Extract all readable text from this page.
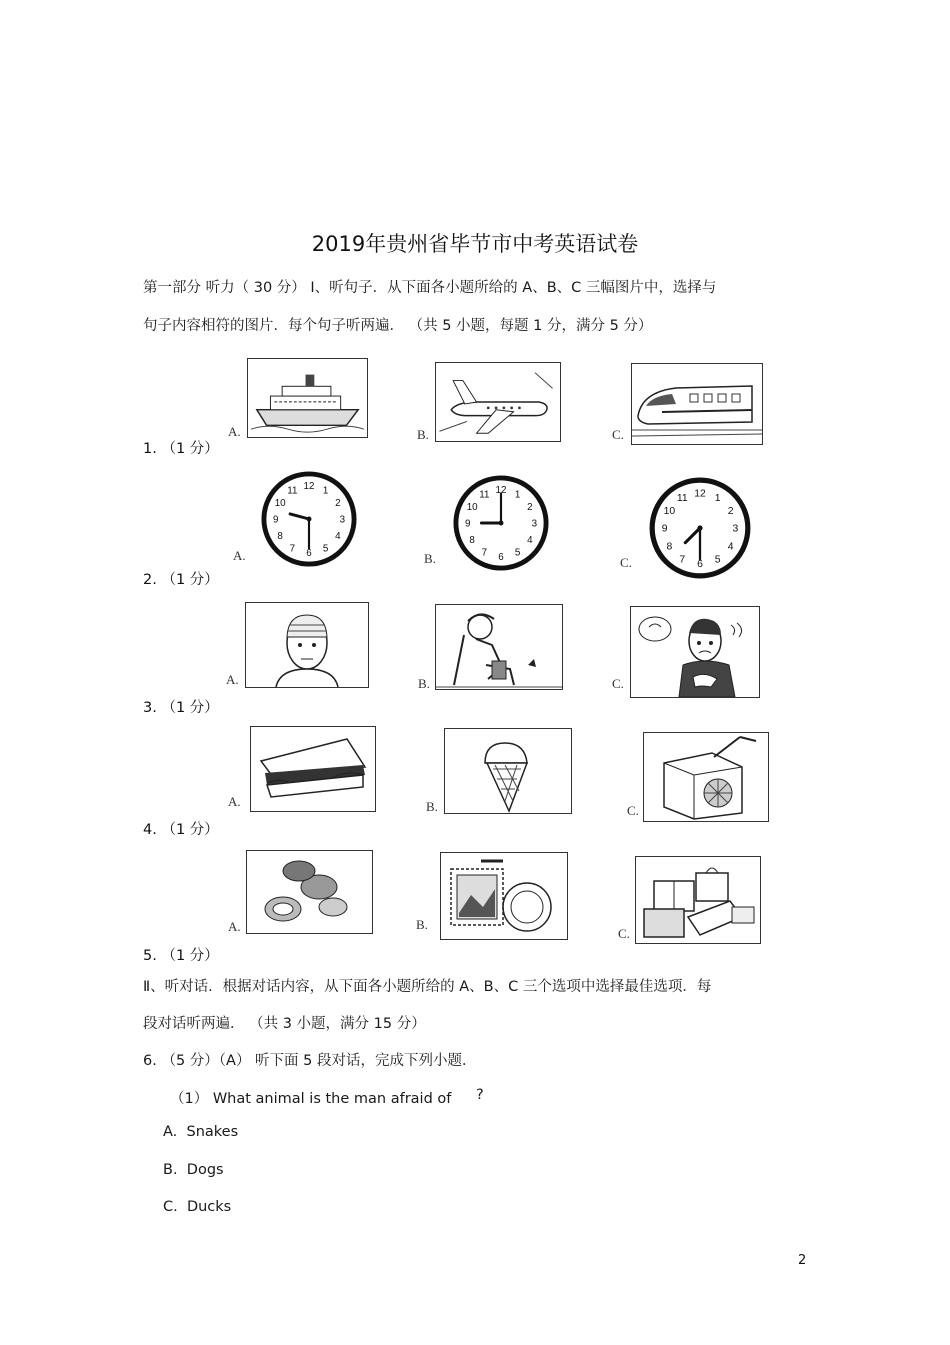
2019年贵州省毕节市中考英语试卷
第一部分 听力（ 30 分） Ⅰ、听句子．从下面各小题所给的 A、B、C 三幅图片中，选择与
句子内容相符的图片．每个句子听两遍． （共 5 小题，每题 1 分，满分 5 分）
1. （1 分）
A.	B.	C.
2. （1 分）
A.
12 1
2
3
4
5
6
7
8
9
10
11
B.
12 1
2
3
4
5
6
7
8
9
10
11
C.
12 1
2
3
4
5
6
7
8
9
10
11
3. （1 分）
A.	B.	C.
4. （1 分）
A.	B.	C.
5. （1 分）
A.	B.
C.
Ⅱ、听对话．根据对话内容，从下面各小题所给的 A、B、C 三个选项中选择最佳选项．每
段对话听两遍． （共 3 小题，满分 15 分）
6. （5 分）（A） 听下面 5 段对话，完成下列小题．
（1） What animal is the man afraid of ?
A. Snakes
B. Dogs
C. Ducks
2
